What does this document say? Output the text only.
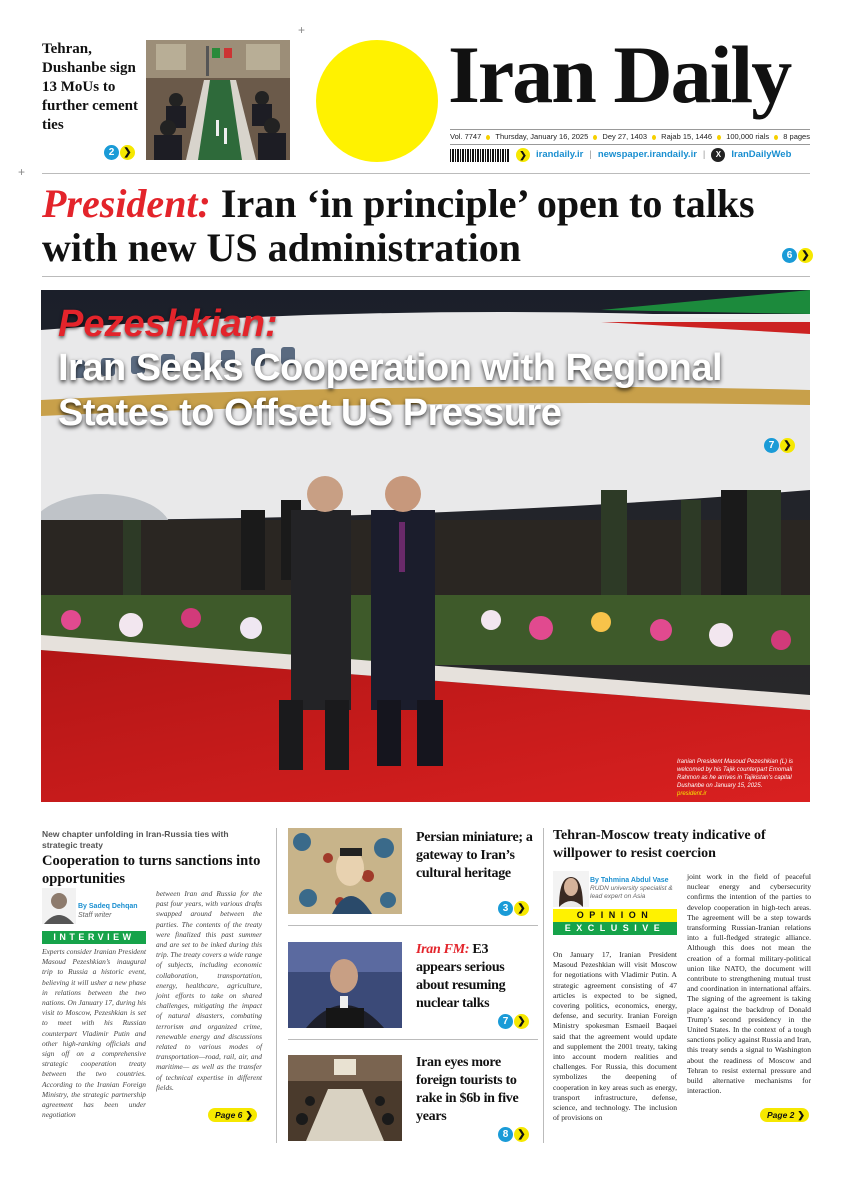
+
+
Tehran, Dushanbe sign 13 MoUs to further cement ties
2 ❯
Iran Daily
Vol. 7747 Thursday, January 16, 2025 Dey 27, 1403 Rajab 15, 1446 100,000 rials 8 pages
❯ irandaily.ir | newspaper.irandaily.ir |	X	IranDailyWeb
President: Iran ‘in principle’ open to talks with new US administration	6 ❯
Pezeshkian:
Iran Seeks Cooperation with Regional States to Offset US Pressure
7 ❯
Iranian President Masoud Pezeshkian (L) is welcomed by his Tajik counterpart Emomali Rahmon as he arrives in Tajikistan’s capital Dushanbe on January 15, 2025.
president.ir
New chapter unfolding in Iran-Russia ties with strategic treaty
Cooperation to turns sanctions into opportunities
By Sadeq Dehqan
Staff writer
INTERVIEW
Experts consider Iranian President Masoud Pezeshkian’s inaugural trip to Russia a historic event, believing it will usher a new phase in relations between the two nations. On January 17, during his visit to Moscow, Pezeshkian is set to meet with his Russian counterpart Vladimir Putin and other high-ranking officials and sign off on a comprehensive strategic cooperation treaty between the two countries. According to the Iranian Foreign Ministry, the strategic partnership agreement has been under negotiation
between Iran and Russia for the past four years, with various drafts swapped around between the parties. The contents of the treaty were finalized this past summer and are set to be inked during this trip. The treaty covers a wide range of subjects, including economic collaboration, transportation, energy, healthcare, agriculture, joint efforts to take on shared challenges, mitigating the impact of natural disasters, combating terrorism and organized crime, renewable energy and discussions related to various modes of transportation—road, rail, air, and maritime— as well as the transfer of technical expertise in different fields.
Page 6 ❯
Persian miniature; a gateway to Iran’s cultural heritage
3 ❯
Iran FM: E3 appears serious about resuming nuclear talks
7 ❯
Iran eyes more foreign tourists to rake in $6b in five years
8 ❯
Tehran-Moscow treaty indicative of willpower to resist coercion
By Tahmina Abdul Vase
RUDN university specialist & lead expert on Asia
OPINION
EXCLUSIVE
On January 17, Iranian President Masoud Pezeshkian will visit Moscow for negotiations with Vladimir Putin. A strategic agreement consisting of 47 articles is expected to be signed, covering politics, economics, energy, defense, and security. Iranian Foreign Ministry spokesman Esmaeil Baqaei said that the agreement would update and supplement the 2001 treaty, taking into account modern realities and challenges. For Russia, this document symbolizes the deepening of cooperation in key areas such as energy, transport infrastructure, defense, science, and technology. The inclusion of provisions on
joint work in the field of peaceful nuclear energy and cybersecurity confirms the intention of the parties to develop cooperation in high-tech areas. The agreement will be a step towards transforming Russian-Iranian relations into a full-fledged strategic alliance. Although this does not mean the creation of a formal military-political union like NATO, the document will contribute to strengthening mutual trust and coordination in international affairs. The signing of the agreement is taking place against the backdrop of Donald Trump’s second presidency in the United States. In the context of a tough sanctions policy against Russia and Iran, this treaty sends a signal to Washington about the readiness of Moscow and Tehran to resist external pressure and build alternative mechanisms for interaction.
Page 2 ❯
